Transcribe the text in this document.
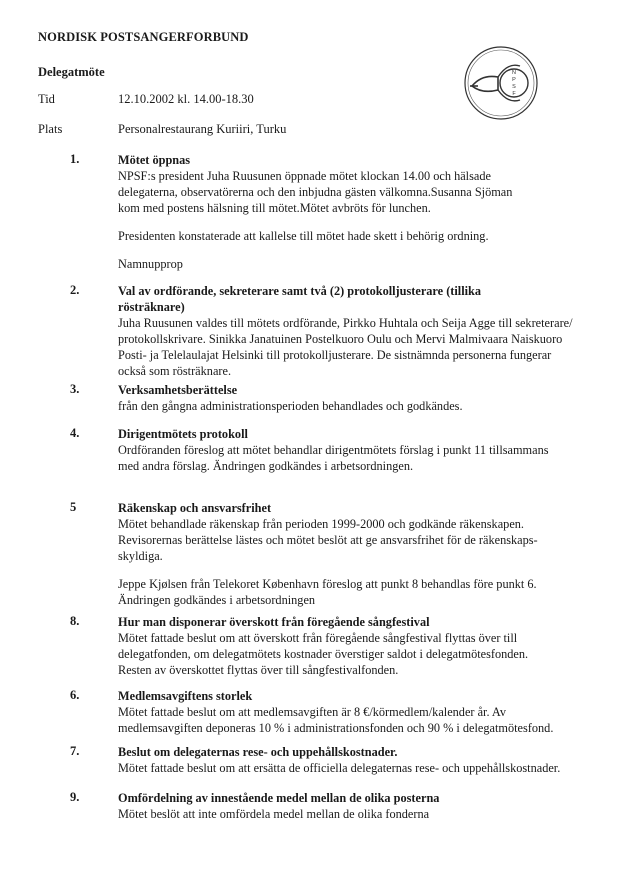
NORDISK POSTSANGERFORBUND
Delegatmöte	N
P
S
F
Tid	12.10.2002 kl. 14.00-18.30
Plats	Personalrestaurang Kuriiri, Turku
1.	Mötet öppnas
NPSF:s president Juha Ruusunen öppnade mötet klockan 14.00 och hälsade
delegaterna, observatörerna och den inbjudna gästen välkomna.Susanna Sjöman
kom med postens hälsning till mötet.Mötet avbröts för lunchen.
Presidenten konstaterade att kallelse till mötet hade skett i behörig ordning.
Namnupprop
2.	Val av ordförande, sekreterare samt två (2) protokolljusterare (tillika
rösträknare)
Juha Ruusunen valdes till mötets ordförande, Pirkko Huhtala och Seija Agge till sekreterare/
protokollskrivare. Sinikka Janatuinen Postelkuoro Oulu och Mervi Malmivaara Naiskuoro
Posti- ja Telelaulajat Helsinki till protokolljusterare. De sistnämnda personerna fungerar
också som rösträknare.
3.	Verksamhetsberättelse
från den gångna administrationsperioden behandlades och godkändes.
4.	Dirigentmötets protokoll
Ordföranden föreslog att mötet behandlar dirigentmötets förslag i punkt 11 tillsammans
med andra förslag. Ändringen godkändes i arbetsordningen.
5	Räkenskap och ansvarsfrihet
Mötet behandlade räkenskap från perioden 1999-2000 och godkände räkenskapen.
Revisorernas berättelse lästes och mötet beslöt att ge ansvarsfrihet för de räkenskaps-
skyldiga.
Jeppe Kjølsen från Telekoret København föreslog att punkt 8 behandlas före punkt 6.
Ändringen godkändes i arbetsordningen
8.	Hur man disponerar överskott från föregående sångfestival
Mötet fattade beslut om att överskott från föregående sångfestival flyttas över till
delegatfonden, om delegatmötets kostnader överstiger saldot i delegatmötesfonden.
Resten av överskottet flyttas över till sångfestivalfonden.
6.	Medlemsavgiftens storlek
Mötet fattade beslut om att medlemsavgiften är 8 €/körmedlem/kalender år. Av
medlemsavgiften deponeras 10 % i administrationsfonden och 90 % i delegatmötesfond.
7.	Beslut om delegaternas rese- och uppehållskostnader.
Mötet fattade beslut om att ersätta de officiella delegaternas rese- och uppehållskostnader.
9.	Omfördelning av innestående medel mellan de olika posterna
Mötet beslöt att inte omfördela medel mellan de olika fonderna
